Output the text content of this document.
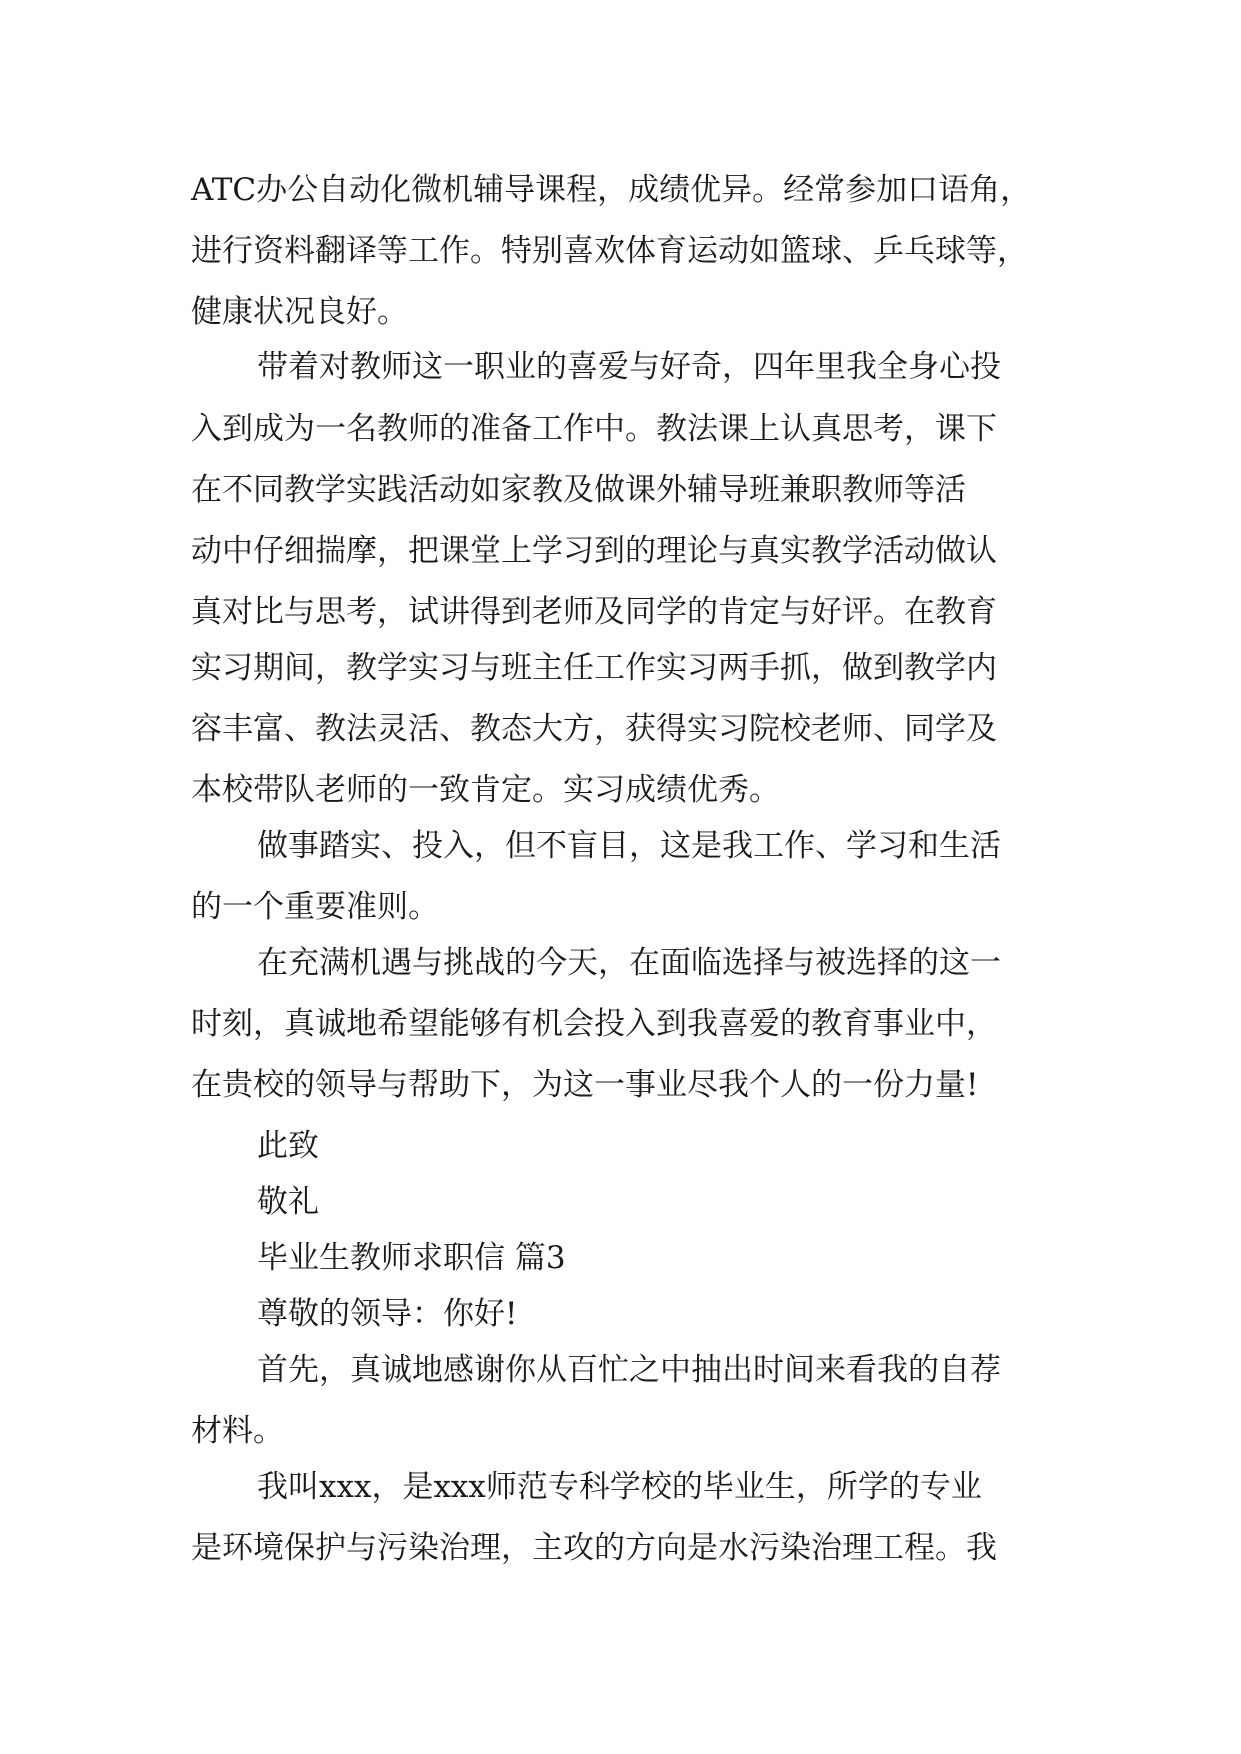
ATC办公自动化微机辅导课程，成绩优异。经常参加口语角，
进行资料翻译等工作。特别喜欢体育运动如篮球、乒乓球等，
健康状况良好。
带着对教师这一职业的喜爱与好奇，四年里我全身心投
入到成为一名教师的准备工作中。教法课上认真思考，课下
在不同教学实践活动如家教及做课外辅导班兼职教师等活
动中仔细揣摩，把课堂上学习到的理论与真实教学活动做认
真对比与思考，试讲得到老师及同学的肯定与好评。在教育
实习期间，教学实习与班主任工作实习两手抓，做到教学内
容丰富、教法灵活、教态大方，获得实习院校老师、同学及
本校带队老师的一致肯定。实习成绩优秀。
做事踏实、投入，但不盲目，这是我工作、学习和生活
的一个重要准则。
在充满机遇与挑战的今天，在面临选择与被选择的这一
时刻，真诚地希望能够有机会投入到我喜爱的教育事业中，
在贵校的领导与帮助下，为这一事业尽我个人的一份力量!
此致
敬礼
毕业生教师求职信 篇3
尊敬的领导：你好!
首先，真诚地感谢你从百忙之中抽出时间来看我的自荐
材料。
我叫xxx，是xxx师范专科学校的毕业生，所学的专业
是环境保护与污染治理，主攻的方向是水污染治理工程。我
